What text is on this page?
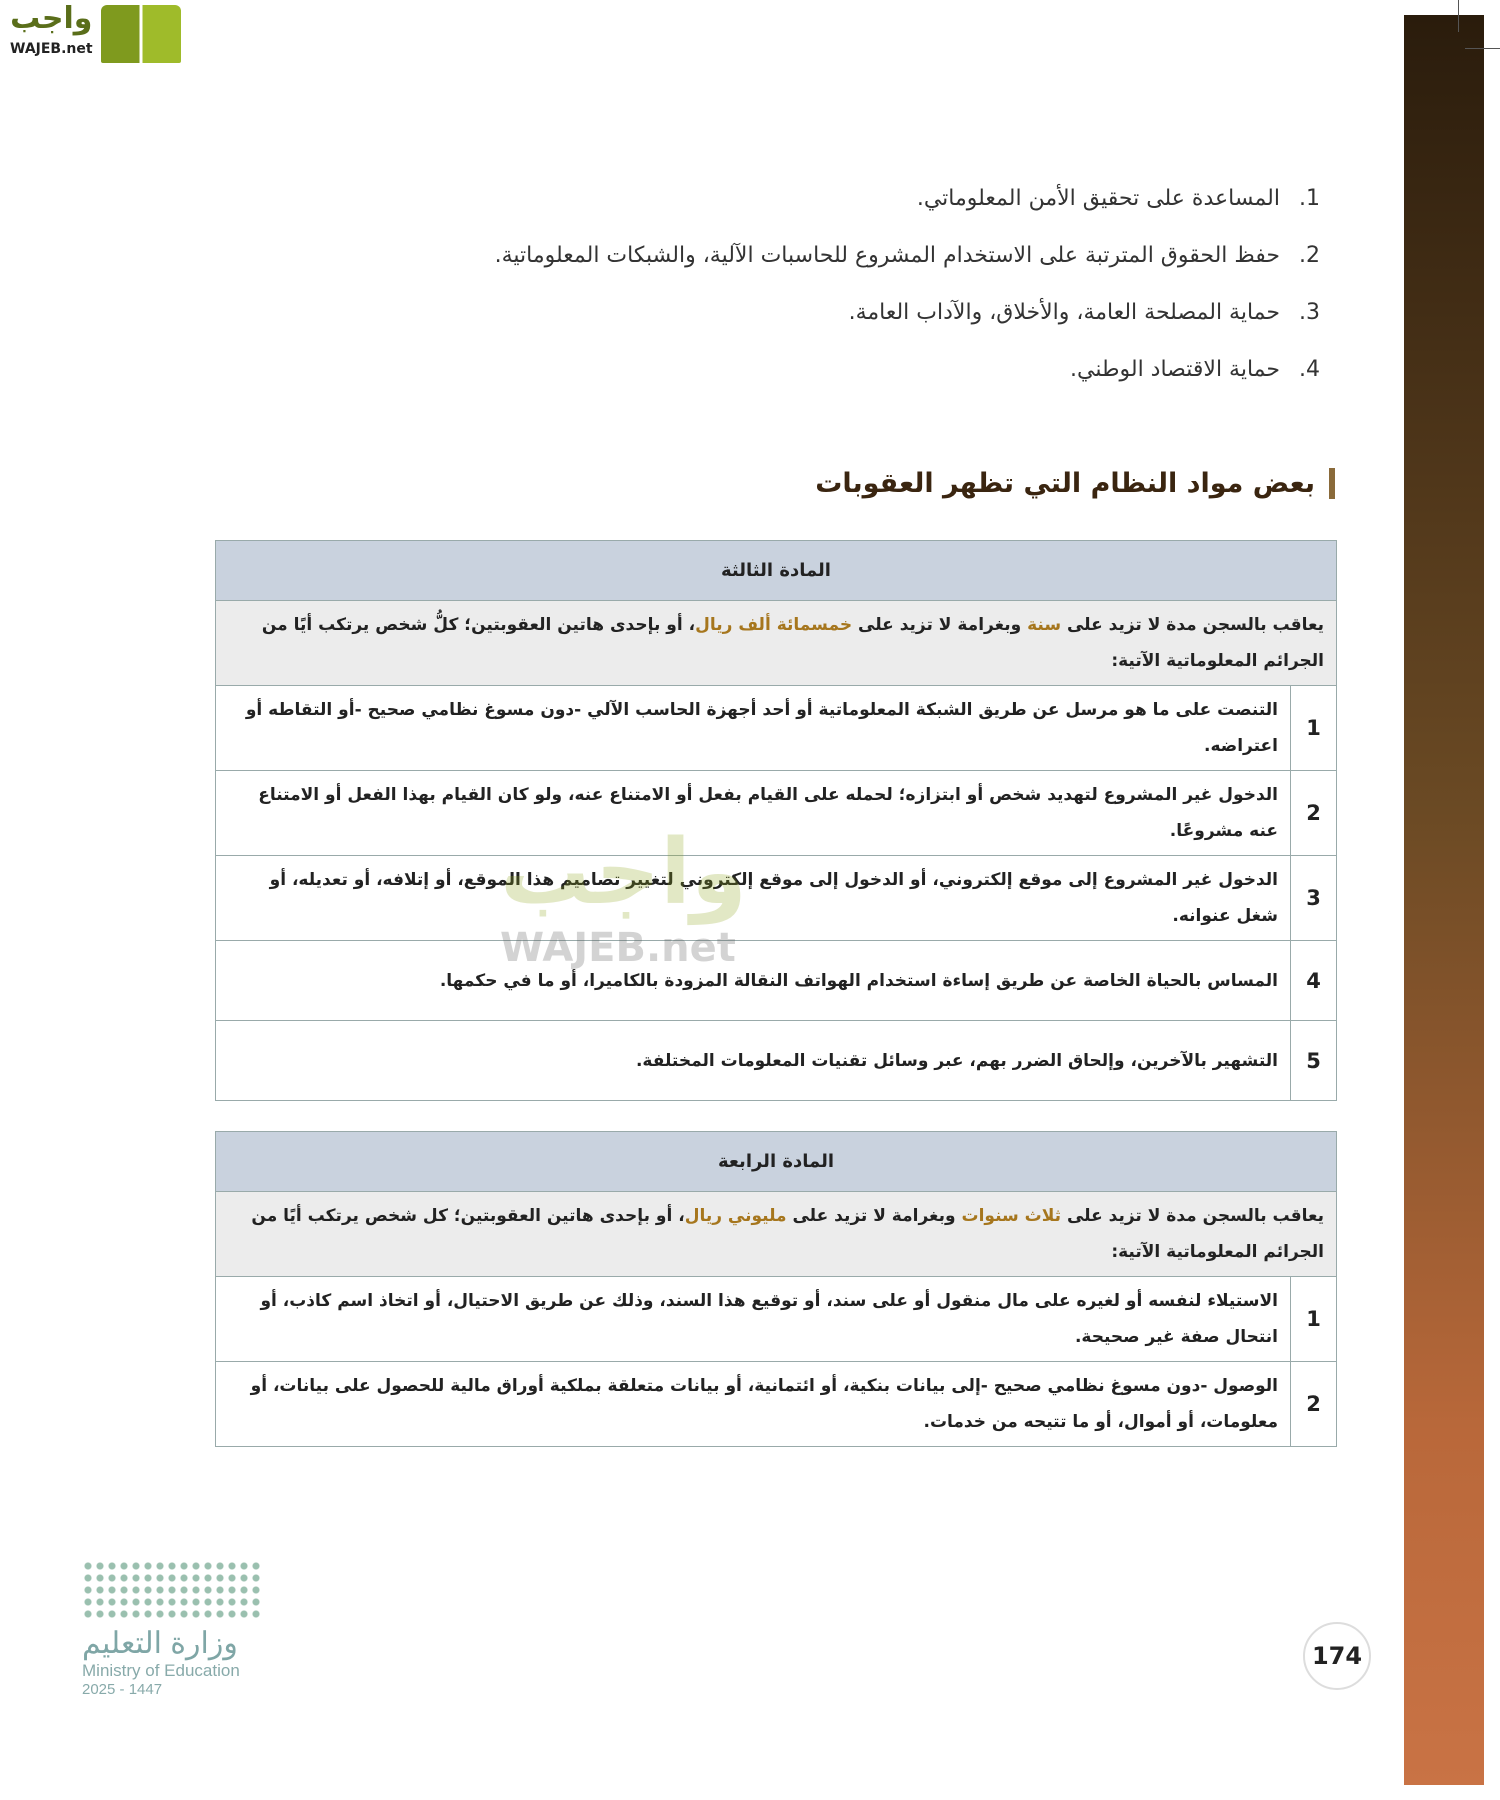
واجب
WAJEB.net
1.المساعدة على تحقيق الأمن المعلوماتي.
2.حفظ الحقوق المترتبة على الاستخدام المشروع للحاسبات الآلية، والشبكات المعلوماتية.
3.حماية المصلحة العامة، والأخلاق، والآداب العامة.
4.حماية الاقتصاد الوطني.
بعض مواد النظام التي تظهر العقوبات
المادة الثالثة	
يعاقب بالسجن مدة لا تزيد على سنة وبغرامة لا تزيد على خمسمائة ألف ريال، أو بإحدى هاتين العقوبتين؛ كلُّ شخص يرتكب أيًا من الجرائم المعلوماتية الآتية:	
1	التنصت على ما هو مرسل عن طريق الشبكة المعلوماتية أو أحد أجهزة الحاسب الآلي -دون مسوغ نظامي صحيح -أو التقاطه أو اعتراضه.
2	الدخول غير المشروع لتهديد شخص أو ابتزازه؛ لحمله على القيام بفعل أو الامتناع عنه، ولو كان القيام بهذا الفعل أو الامتناع عنه مشروعًا.
3	الدخول غير المشروع إلى موقع إلكتروني، أو الدخول إلى موقع إلكتروني لتغيير تصاميم هذا الموقع، أو إتلافه، أو تعديله، أو شغل عنوانه.
4	المساس بالحياة الخاصة عن طريق إساءة استخدام الهواتف النقالة المزودة بالكاميرا، أو ما في حكمها.
5	التشهير بالآخرين، وإلحاق الضرر بهم، عبر وسائل تقنيات المعلومات المختلفة.
المادة الرابعة	
يعاقب بالسجن مدة لا تزيد على ثلاث سنوات وبغرامة لا تزيد على مليوني ريال، أو بإحدى هاتين العقوبتين؛ كل شخص يرتكب أيًا من الجرائم المعلوماتية الآتية:	
1	الاستيلاء لنفسه أو لغيره على مال منقول أو على سند، أو توقيع هذا السند، وذلك عن طريق الاحتيال، أو اتخاذ اسم كاذب، أو انتحال صفة غير صحيحة.
2	الوصول -دون مسوغ نظامي صحيح -إلى بيانات بنكية، أو ائتمانية، أو بيانات متعلقة بملكية أوراق مالية للحصول على بيانات، أو معلومات، أو أموال، أو ما تتيحه من خدمات.
واجب
WAJEB.net
174
وزارة التعليم
Ministry of Education
2025 - 1447
